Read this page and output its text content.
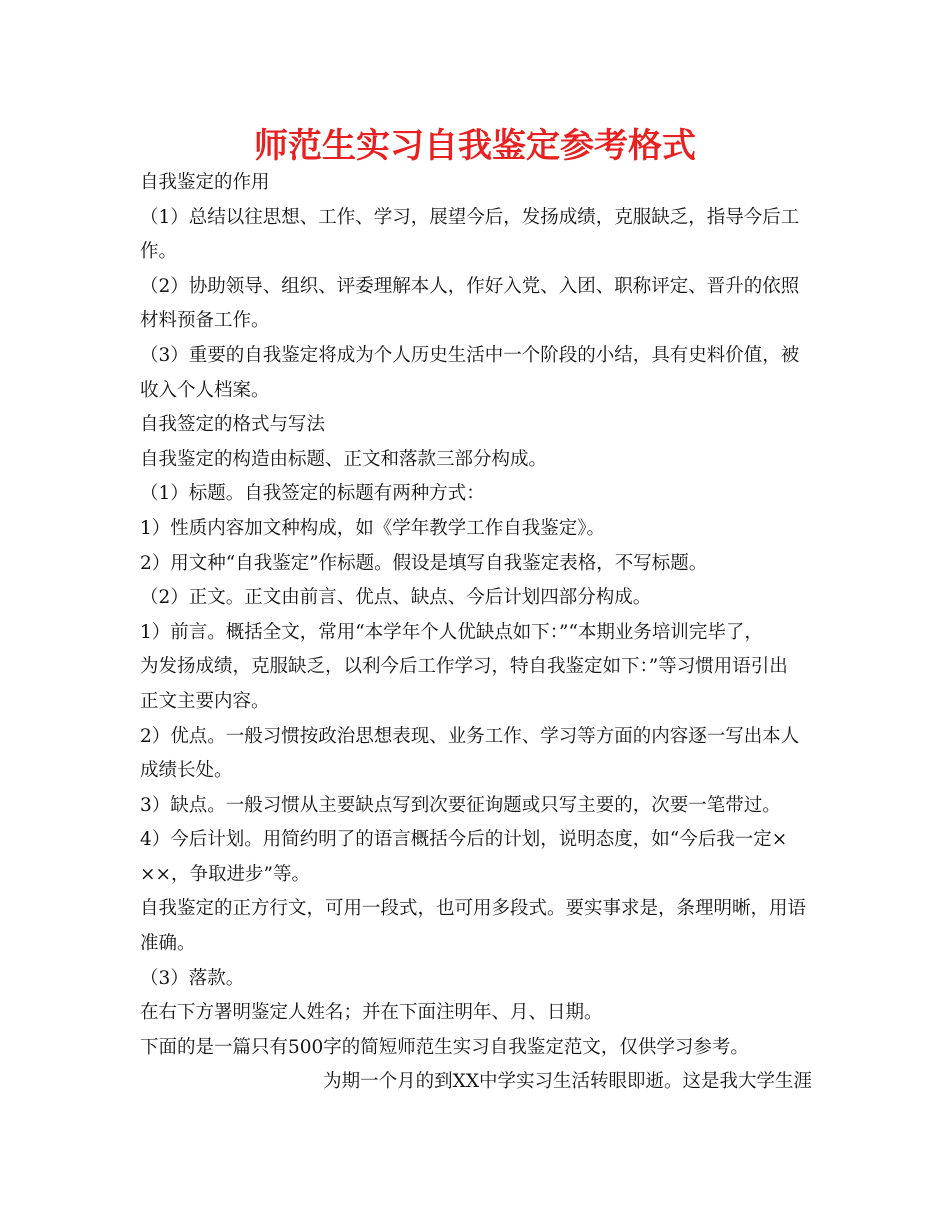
师范生实习自我鉴定参考格式
自我鉴定的作用
（1）总结以往思想、工作、学习，展望今后，发扬成绩，克服缺乏，指导今后工
作。
（2）协助领导、组织、评委理解本人，作好入党、入团、职称评定、晋升的依照
材料预备工作。
（3）重要的自我鉴定将成为个人历史生活中一个阶段的小结，具有史料价值，被
收入个人档案。
自我签定的格式与写法
自我鉴定的构造由标题、正文和落款三部分构成。
（1）标题。自我签定的标题有两种方式：
1）性质内容加文种构成，如《学年教学工作自我鉴定》。
2）用文种“自我鉴定”作标题。假设是填写自我鉴定表格，不写标题。
（2）正文。正文由前言、优点、缺点、今后计划四部分构成。
1）前言。概括全文，常用“本学年个人优缺点如下：”“本期业务培训完毕了，
为发扬成绩，克服缺乏，以利今后工作学习，特自我鉴定如下：”等习惯用语引出
正文主要内容。
2）优点。一般习惯按政治思想表现、业务工作、学习等方面的内容逐一写出本人
成绩长处。
3）缺点。一般习惯从主要缺点写到次要征询题或只写主要的，次要一笔带过。
4）今后计划。用简约明了的语言概括今后的计划，说明态度，如“今后我一定×
××，争取进步”等。
自我鉴定的正方行文，可用一段式，也可用多段式。要实事求是，条理明晰，用语
准确。
（3）落款。
在右下方署明鉴定人姓名；并在下面注明年、月、日期。
下面的是一篇只有500字的简短师范生实习自我鉴定范文，仅供学习参考。
为期一个月的到XX中学实习生活转眼即逝。这是我大学生涯
